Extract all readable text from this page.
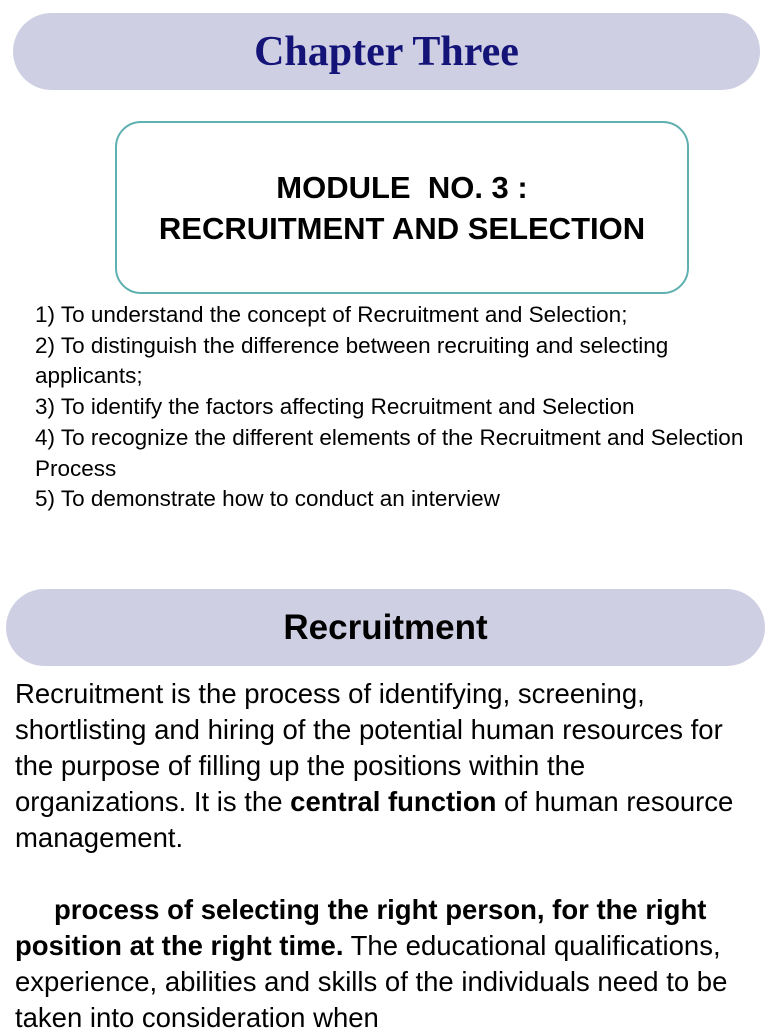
Chapter Three
MODULE  NO. 3 :
RECRUITMENT AND SELECTION
1) To understand the concept of Recruitment and Selection;
2) To distinguish the difference between recruiting and selecting applicants;
3) To identify the factors affecting Recruitment and Selection
4) To recognize the different elements of the Recruitment and Selection Process
5) To demonstrate how to conduct an interview
Recruitment

Recruitment is the process of identifying, screening, shortlisting and hiring of the potential human resources for the purpose of filling up the positions within the organizations. It is the central function of human resource management.

process of selecting the right person, for the right position at the right time. The educational qualifications, experience, abilities and skills of the individuals need to be taken into consideration when
